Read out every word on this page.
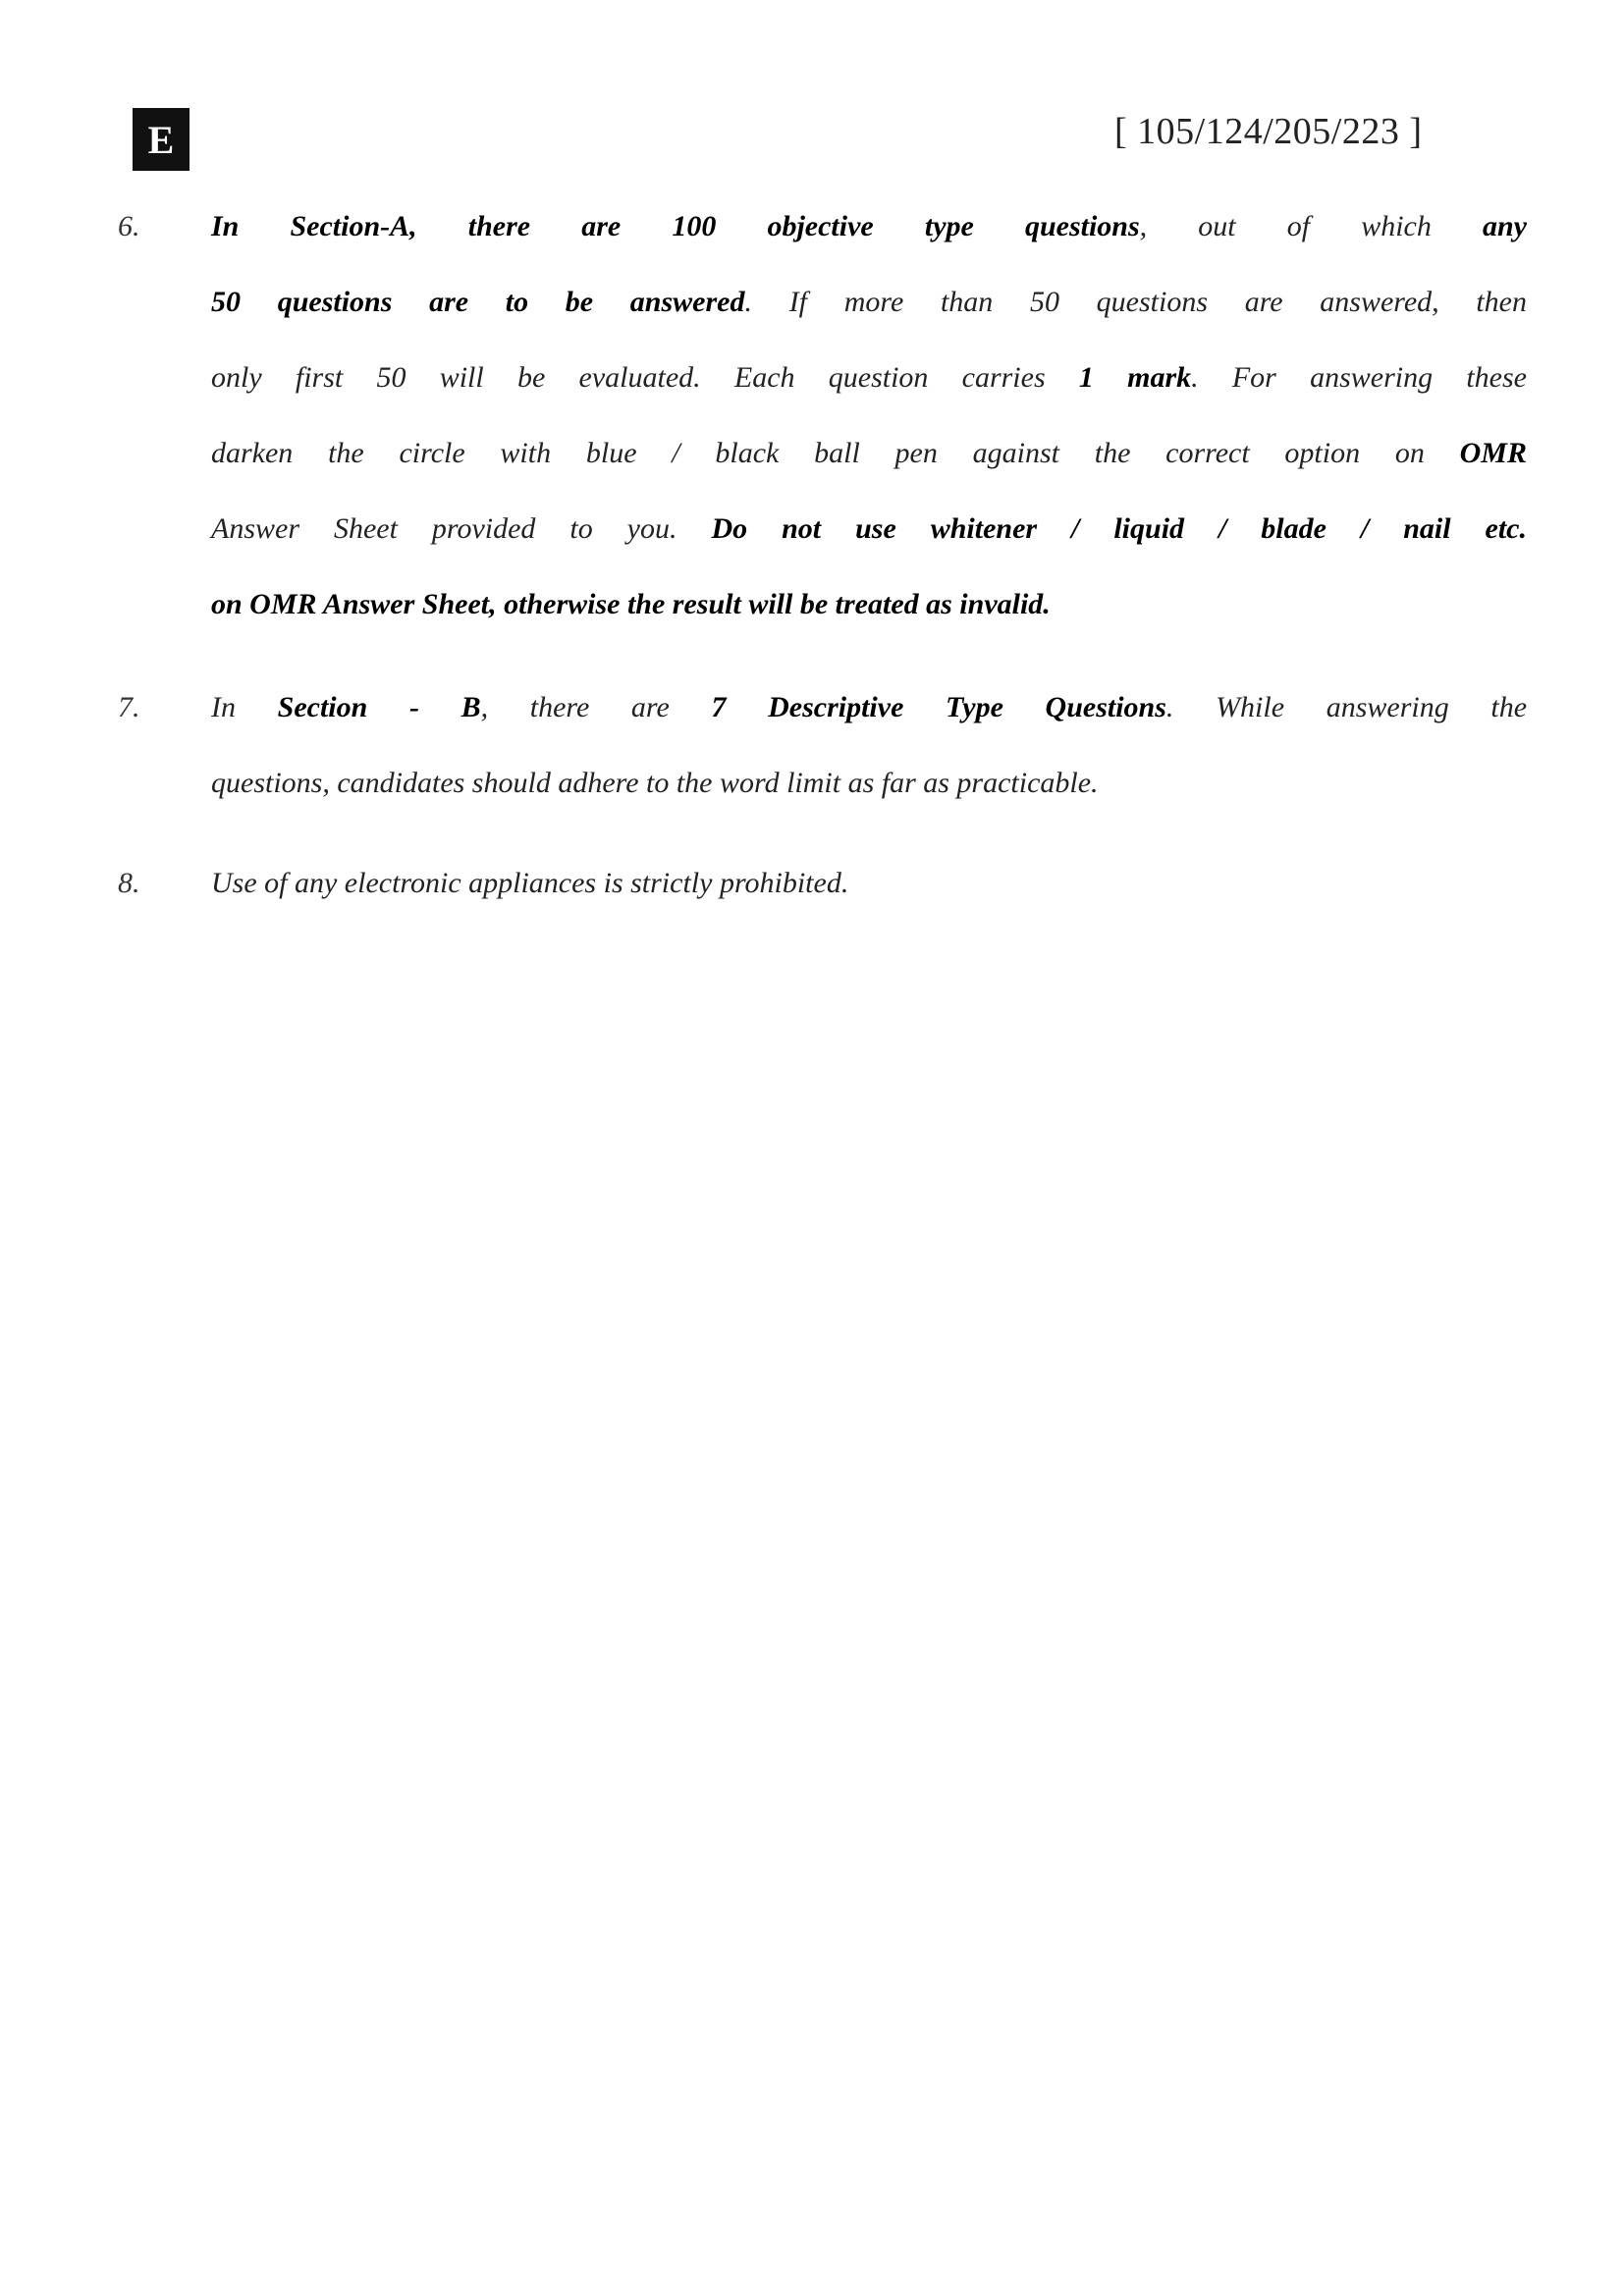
E	[ 105/124/205/223 ]
6.	In Section-A, there are 100 objective type questions, out of which any
50 questions are to be answered. If more than 50 questions are answered, then
only first 50 will be evaluated. Each question carries 1 mark. For answering these
darken the circle with blue / black ball pen against the correct option on OMR
Answer Sheet provided to you. Do not use whitener / liquid / blade / nail etc.
on OMR Answer Sheet, otherwise the result will be treated as invalid.
7.	In Section - B, there are 7 Descriptive Type Questions. While answering the
questions, candidates should adhere to the word limit as far as practicable.
8.	Use of any electronic appliances is strictly prohibited.
